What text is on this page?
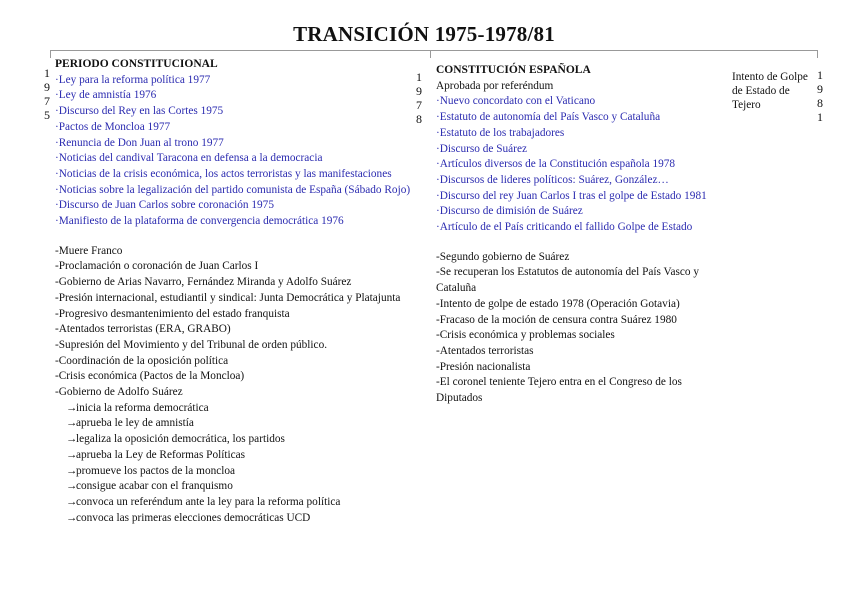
TRANSICIÓN 1975-1978/81
1
9
7
5
1
9
7
8
1
9
8
1
PERIODO CONSTITUCIONAL
·Ley para la reforma política 1977
·Ley de amnistía 1976
·Discurso del Rey en las Cortes 1975
·Pactos de Moncloa 1977
·Renuncia de Don Juan al trono 1977
·Noticias del candival Taracona en defensa a la democracia
·Noticias de la crisis económica, los actos terroristas y las manifestaciones
·Noticias sobre la legalización del partido comunista de España (Sábado Rojo)
·Discurso de Juan Carlos sobre coronación 1975
·Manifiesto de la plataforma de convergencia democrática 1976
-Muere Franco
-Proclamación o coronación de Juan Carlos I
-Gobierno de Arias Navarro, Fernández Miranda y Adolfo Suárez
-Presión internacional, estudiantil y sindical: Junta Democrática y Platajunta
-Progresivo desmantenimiento del estado franquista
-Atentados terroristas (ERA, GRABO)
-Supresión del Movimiento y del Tribunal de orden público.
-Coordinación de la oposición política
-Crisis económica (Pactos de la Moncloa)
-Gobierno de Adolfo Suárez
→inicia la reforma democrática
→aprueba le ley de amnistía
→legaliza la oposición democrática, los partidos
→aprueba la Ley de Reformas Políticas
→promueve los pactos de la moncloa
→consigue acabar con el franquismo
→convoca un referéndum ante la ley para la reforma política
→convoca las primeras elecciones democráticas UCD
CONSTITUCIÓN ESPAÑOLA
Aprobada por referéndum
·Nuevo concordato con el Vaticano
·Estatuto de autonomía del País Vasco y Cataluña
·Estatuto de los trabajadores
·Discurso de Suárez
·Artículos diversos de la Constitución española 1978
·Discursos de lideres políticos: Suárez, González…
·Discurso del rey Juan Carlos I tras el golpe de Estado 1981
·Discurso de dimisión de Suárez
·Artículo de el País criticando el fallido Golpe de Estado
-Segundo gobierno de Suárez
-Se recuperan los Estatutos de autonomía del País Vasco y Cataluña
-Intento de golpe de estado 1978 (Operación Gotavia)
-Fracaso de la moción de censura contra Suárez 1980
-Crisis económica y problemas sociales
-Atentados terroristas
-Presión nacionalista
-El coronel teniente Tejero entra en el Congreso de los Diputados
Intento de Golpe de Estado de Tejero
